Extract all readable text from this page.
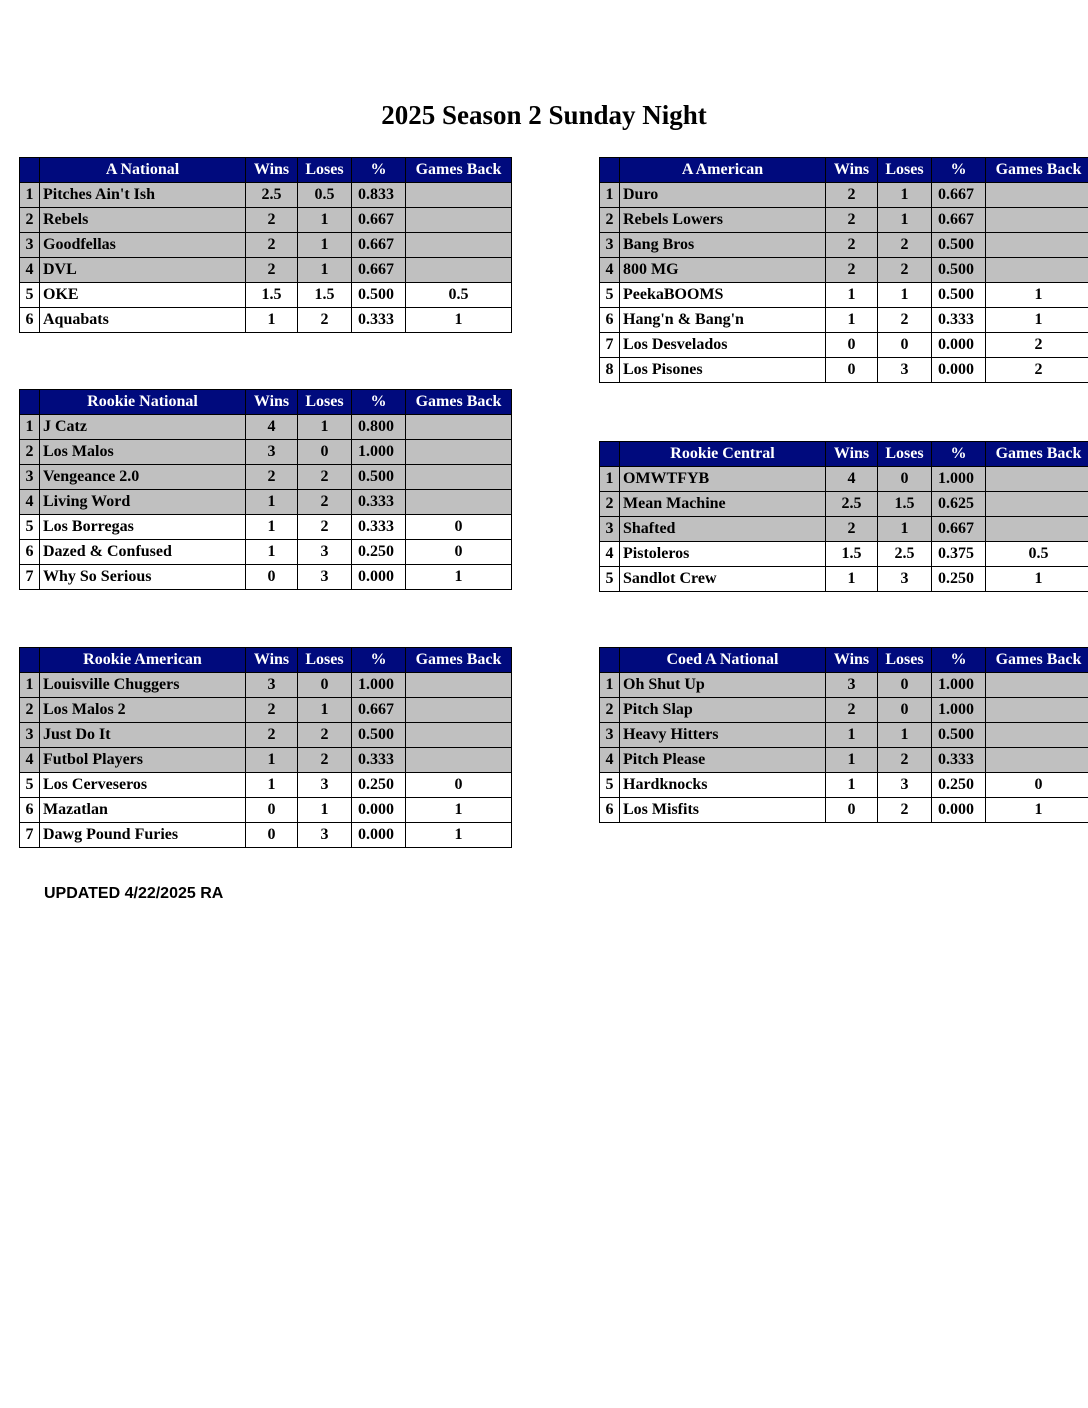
2025 Season 2 Sunday Night
	A National	Wins	Loses	%	Games Back
1	Pitches Ain't Ish	2.5	0.5	0.833	
2	Rebels	2	1	0.667	
3	Goodfellas	2	1	0.667	
4	DVL	2	1	0.667	
5	OKE	1.5	1.5	0.500	0.5
6	Aquabats	1	2	0.333	1
	A American	Wins	Loses	%	Games Back
1	Duro	2	1	0.667	
2	Rebels Lowers	2	1	0.667	
3	Bang Bros	2	2	0.500	
4	800 MG	2	2	0.500	
5	PeekaBOOMS	1	1	0.500	1
6	Hang'n & Bang'n	1	2	0.333	1
7	Los Desvelados	0	0	0.000	2
8	Los Pisones	0	3	0.000	2
	Rookie National	Wins	Loses	%	Games Back
1	J Catz	4	1	0.800	
2	Los Malos	3	0	1.000	
3	Vengeance 2.0	2	2	0.500	
4	Living Word	1	2	0.333	
5	Los Borregas	1	2	0.333	0
6	Dazed & Confused	1	3	0.250	0
7	Why So Serious	0	3	0.000	1
	Rookie Central	Wins	Loses	%	Games Back
1	OMWTFYB	4	0	1.000	
2	Mean Machine	2.5	1.5	0.625	
3	Shafted	2	1	0.667	
4	Pistoleros	1.5	2.5	0.375	0.5
5	Sandlot Crew	1	3	0.250	1
	Rookie American	Wins	Loses	%	Games Back
1	Louisville Chuggers	3	0	1.000	
2	Los Malos 2	2	1	0.667	
3	Just Do It	2	2	0.500	
4	Futbol Players	1	2	0.333	
5	Los Cerveseros	1	3	0.250	0
6	Mazatlan	0	1	0.000	1
7	Dawg Pound Furies	0	3	0.000	1
	Coed A National	Wins	Loses	%	Games Back
1	Oh Shut Up	3	0	1.000	
2	Pitch Slap	2	0	1.000	
3	Heavy Hitters	1	1	0.500	
4	Pitch Please	1	2	0.333	
5	Hardknocks	1	3	0.250	0
6	Los Misfits	0	2	0.000	1
UPDATED 4/22/2025 RA
